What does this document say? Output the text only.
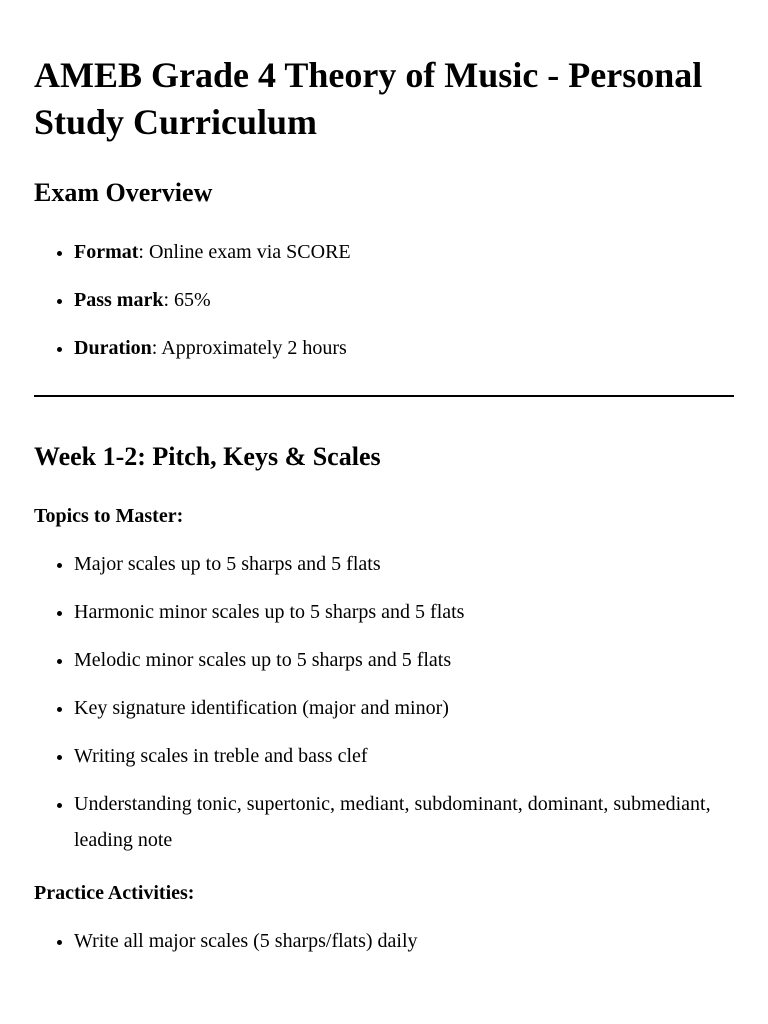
AMEB Grade 4 Theory of Music - Personal Study Curriculum
Exam Overview
• Format: Online exam via SCORE
• Pass mark: 65%
• Duration: Approximately 2 hours
Week 1-2: Pitch, Keys & Scales
Topics to Master:
• Major scales up to 5 sharps and 5 flats
• Harmonic minor scales up to 5 sharps and 5 flats
• Melodic minor scales up to 5 sharps and 5 flats
• Key signature identification (major and minor)
• Writing scales in treble and bass clef
• Understanding tonic, supertonic, mediant, subdominant, dominant, submediant, leading note
Practice Activities:
• Write all major scales (5 sharps/flats) daily
